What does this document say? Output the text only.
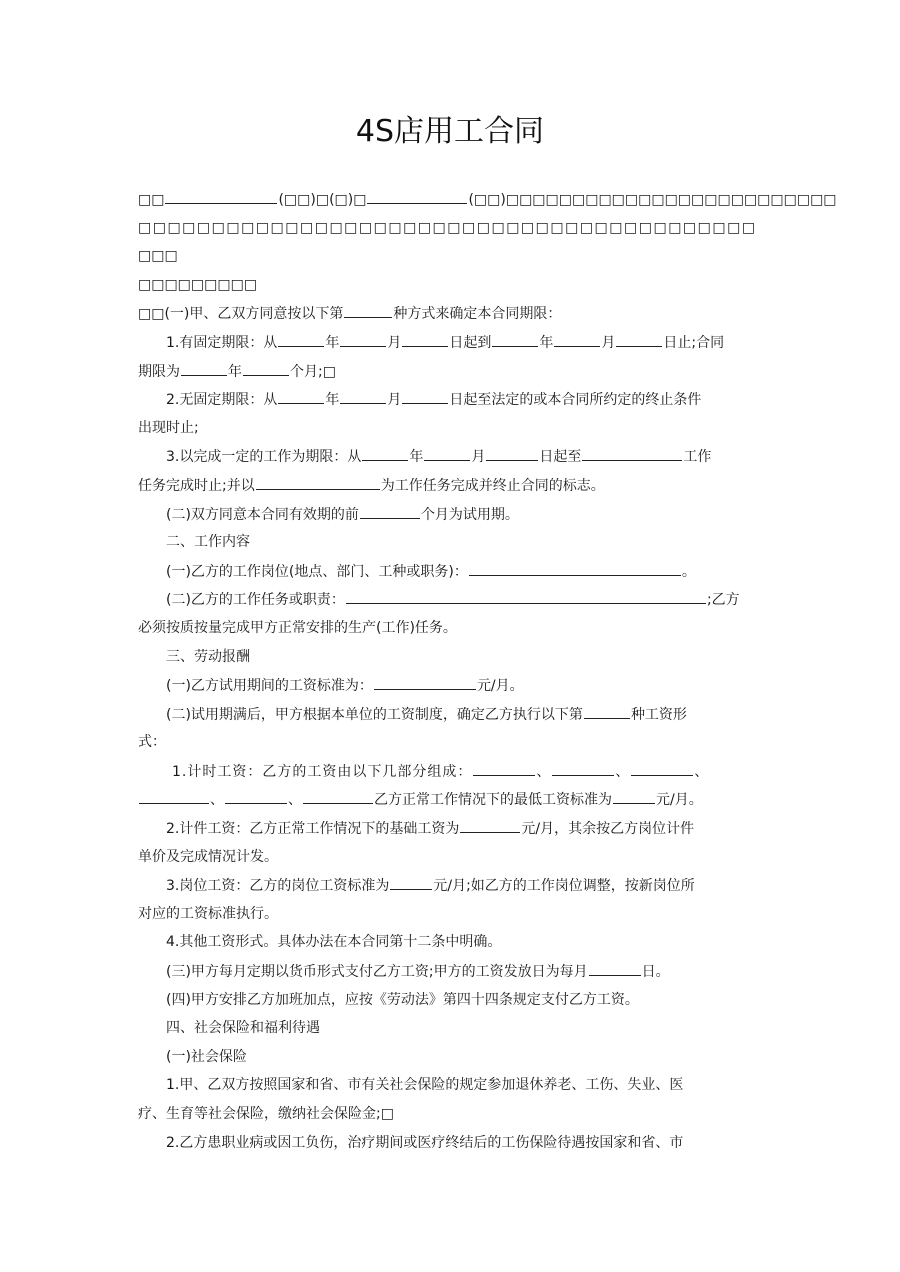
4S店用工合同
□□	(□□)□(□)□	(□□)□□□□□□□□□□□□□□□□□□□□□□□□□
□□□□□□□□□□□□□□□□□□□□□□□□□□□□□□□□□□□□□□□□□□
□□□
□□□□□□□□□
□□(一)甲、乙双方同意按以下第	种方式来确定本合同期限：
1.有固定期限：从	年	月	日起到	年	月	日止;合同
期限为	年	个月;□
2.无固定期限：从	年	月	日起至法定的或本合同所约定的终止条件
出现时止;
3.以完成一定的工作为期限：从	年	月	日起至	工作
任务完成时止;并以	为工作任务完成并终止合同的标志。
(二)双方同意本合同有效期的前	个月为试用期。
二、工作内容
(一)乙方的工作岗位(地点、部门、工种或职务)：	。
(二)乙方的工作任务或职责：	;乙方
必须按质按量完成甲方正常安排的生产(工作)任务。
三、劳动报酬
(一)乙方试用期间的工资标准为：	元/月。
(二)试用期满后，甲方根据本单位的工资制度，确定乙方执行以下第	种工资形
式：
1.计时工资：乙方的工资由以下几部分组成：	、	、	、
、	、	乙方正常工作情况下的最低工资标准为	元/月。
2.计件工资：乙方正常工作情况下的基础工资为	元/月，其余按乙方岗位计件
单价及完成情况计发。
3.岗位工资：乙方的岗位工资标准为	元/月;如乙方的工作岗位调整，按新岗位所
对应的工资标准执行。
4.其他工资形式。具体办法在本合同第十二条中明确。
(三)甲方每月定期以货币形式支付乙方工资;甲方的工资发放日为每月	日。
(四)甲方安排乙方加班加点，应按《劳动法》第四十四条规定支付乙方工资。
四、社会保险和福利待遇
(一)社会保险
1.甲、乙双方按照国家和省、市有关社会保险的规定参加退休养老、工伤、失业、医
疗、生育等社会保险，缴纳社会保险金;□
2.乙方患职业病或因工负伤，治疗期间或医疗终结后的工伤保险待遇按国家和省、市
